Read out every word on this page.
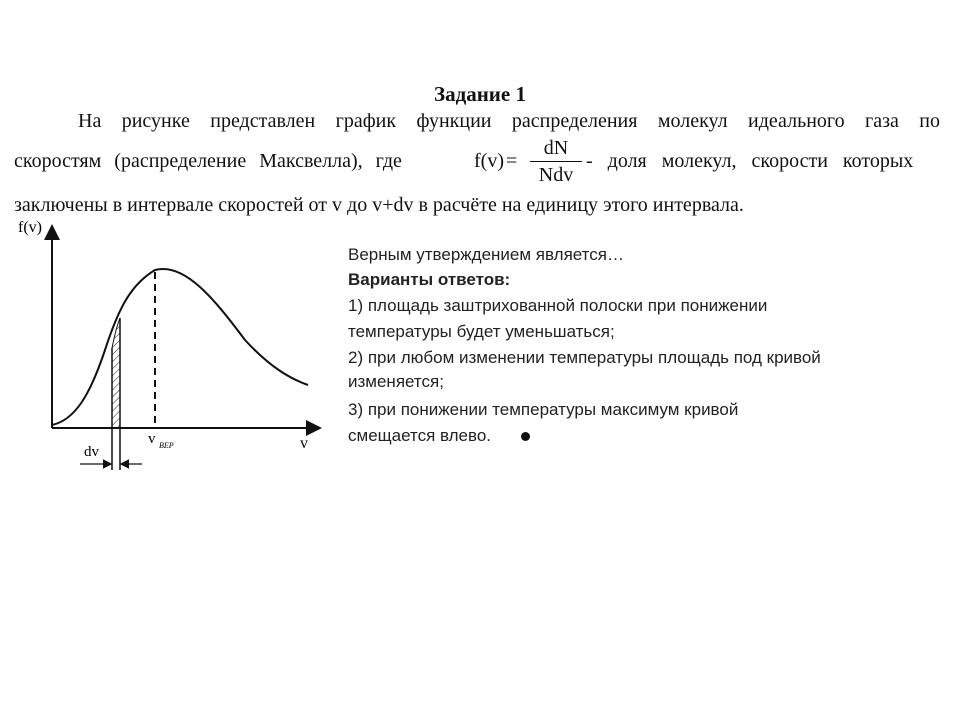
Задание 1
На рисунке представлен график функции распределения молекул идеального газа по
скоростям (распределение Максвелла), где	f(v) =
dN
Ndv
- доля молекул, скорости которых
заключены в интервале скоростей от v до v+dv в расчёте на единицу этого интервала.
f(v)
v
v ВЕР
dv
Верным утверждением является…
Варианты ответов:
1) площадь заштрихованной полоски при понижении
температуры будет уменьшаться;
2) при любом изменении температуры площадь под кривой
изменяется;
3) при понижении температуры максимум кривой
смещается влево.
